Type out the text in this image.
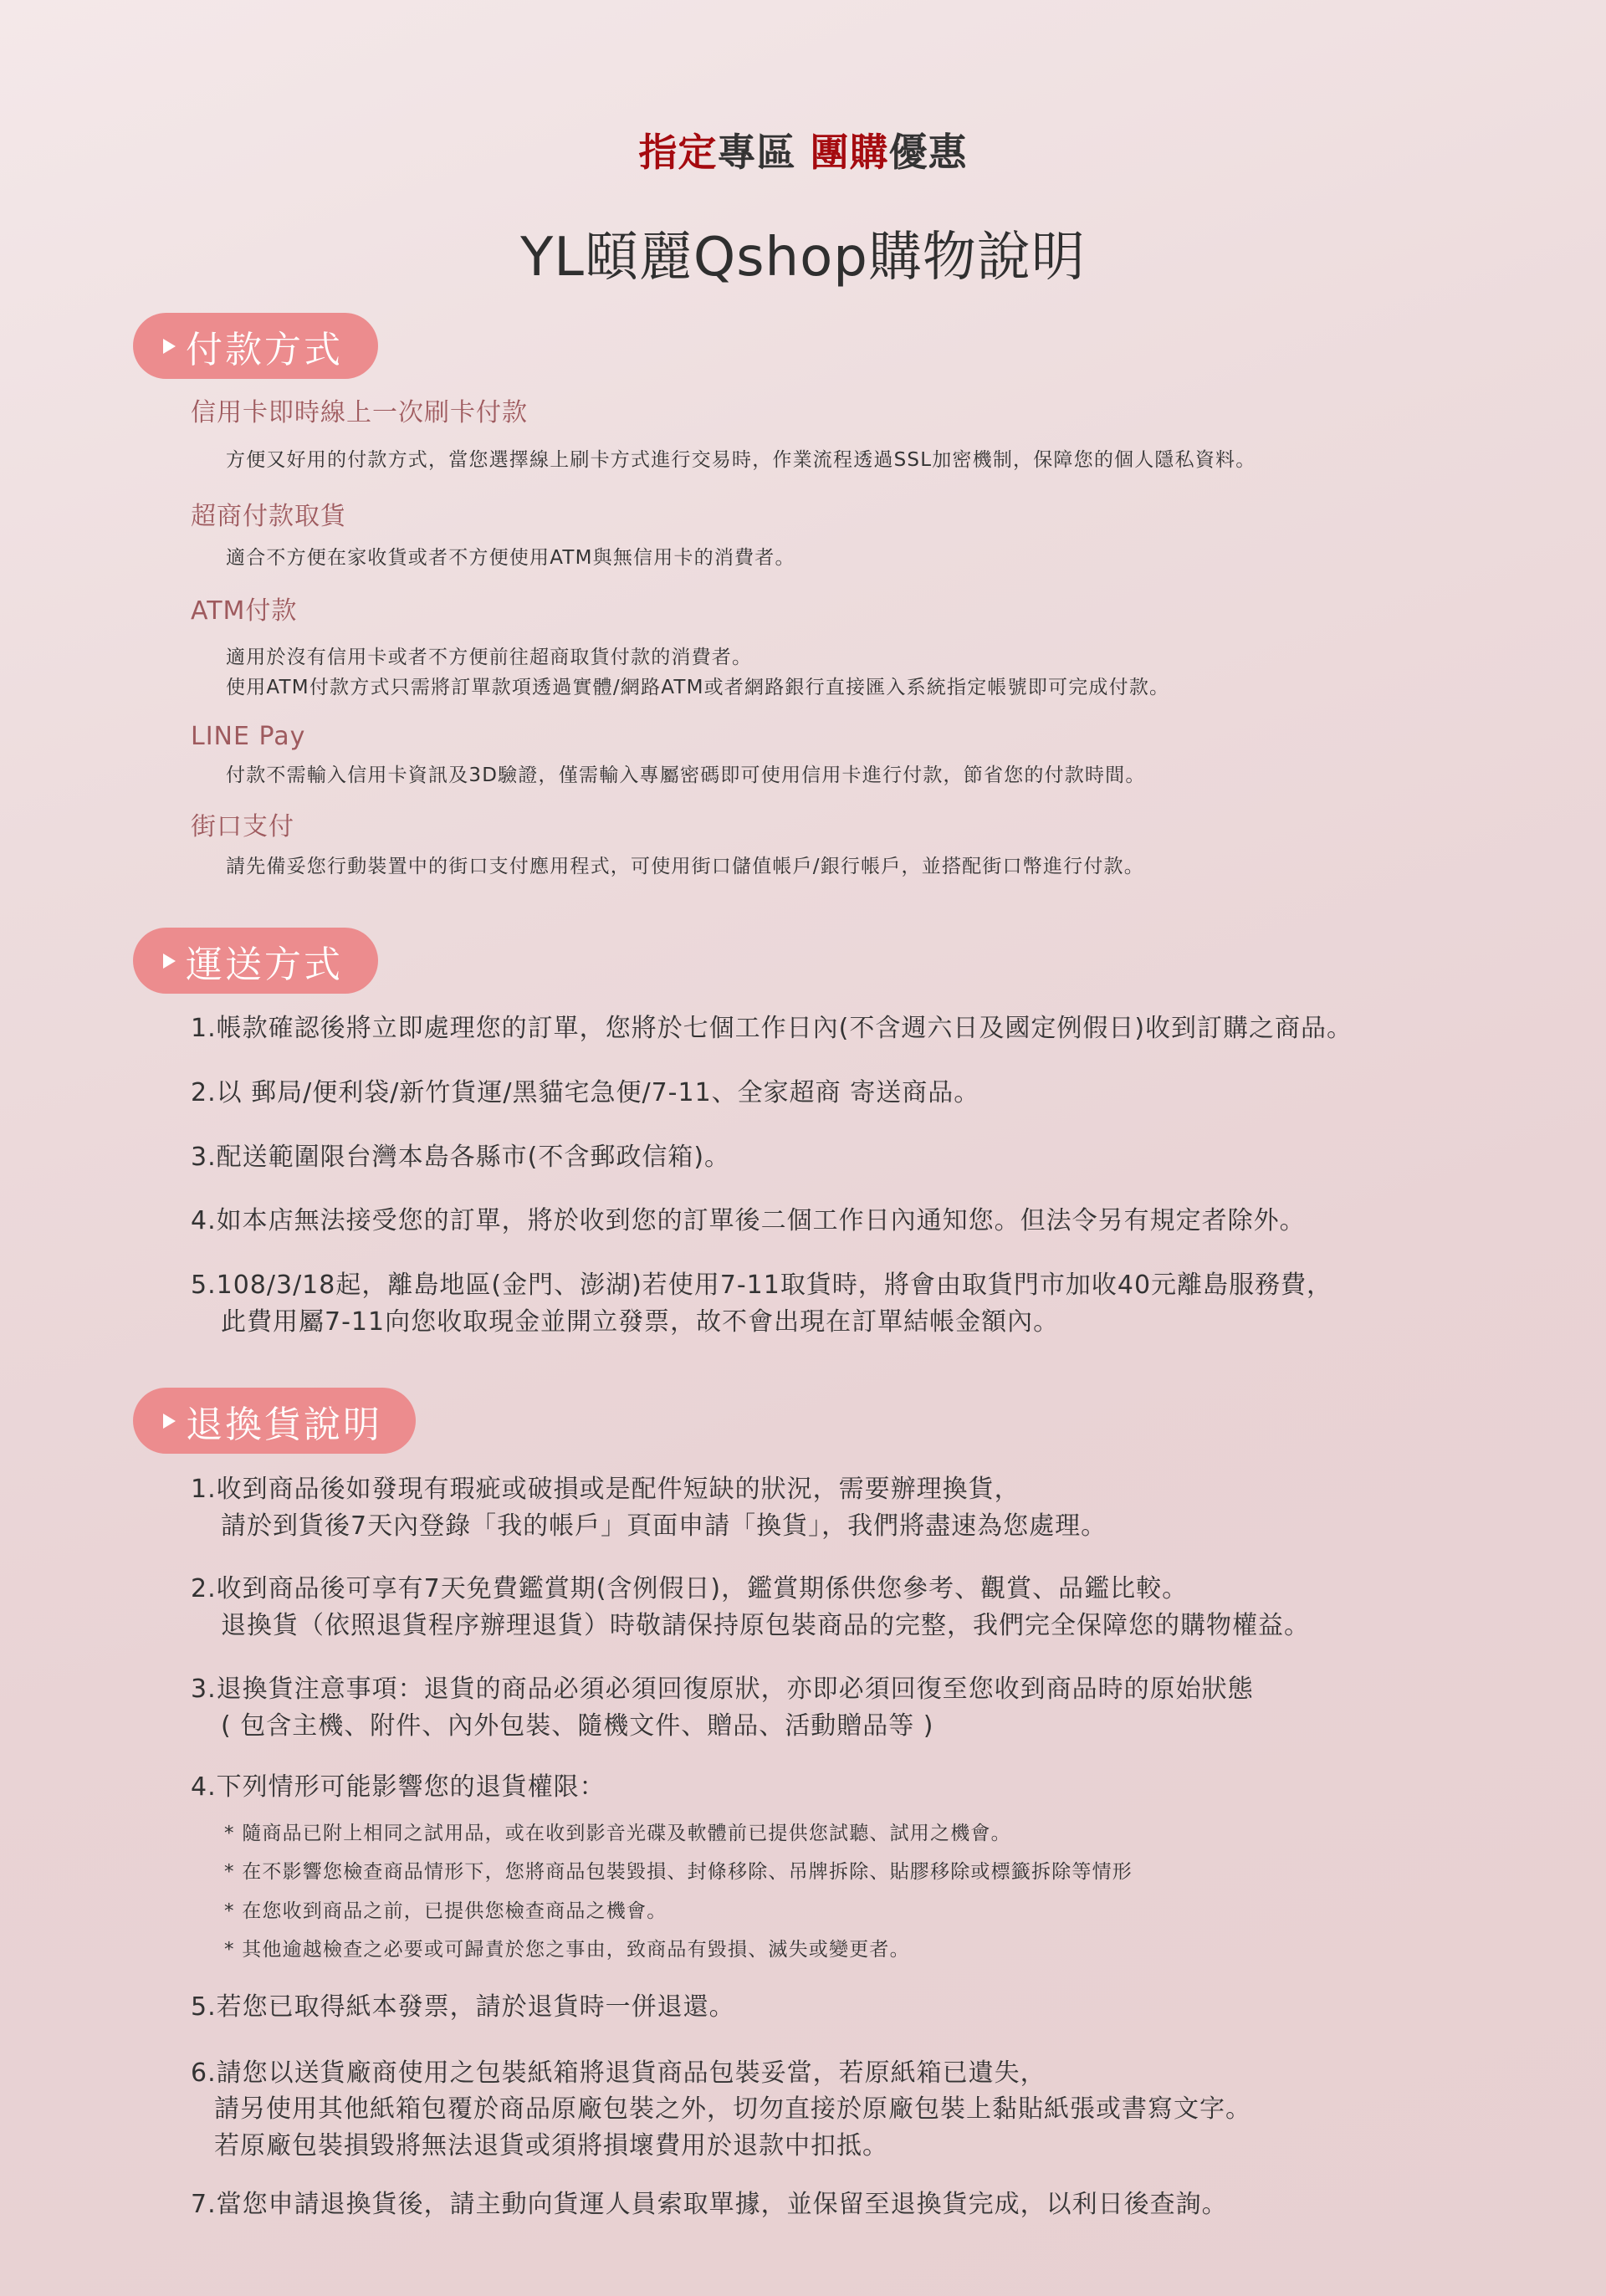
指定專區 團購優惠
YL頤麗Qshop購物說明
付款方式
信用卡即時線上一次刷卡付款
方便又好用的付款方式，當您選擇線上刷卡方式進行交易時，作業流程透過SSL加密機制，保障您的個人隱私資料。
超商付款取貨
適合不方便在家收貨或者不方便使用ATM與無信用卡的消費者。
ATM付款
適用於沒有信用卡或者不方便前往超商取貨付款的消費者。
使用ATM付款方式只需將訂單款項透過實體/網路ATM或者網路銀行直接匯入系統指定帳號即可完成付款。
LINE Pay
付款不需輸入信用卡資訊及3D驗證，僅需輸入專屬密碼即可使用信用卡進行付款，節省您的付款時間。
街口支付
請先備妥您行動裝置中的街口支付應用程式，可使用街口儲值帳戶/銀行帳戶，並搭配街口幣進行付款。
運送方式
1.帳款確認後將立即處理您的訂單，您將於七個工作日內(不含週六日及國定例假日)收到訂購之商品。
2.以 郵局/便利袋/新竹貨運/黑貓宅急便/7-11、全家超商 寄送商品。
3.配送範圍限台灣本島各縣市(不含郵政信箱)。
4.如本店無法接受您的訂單，將於收到您的訂單後二個工作日內通知您。但法令另有規定者除外。
5.108/3/18起，離島地區(金門、澎湖)若使用7-11取貨時，將會由取貨門市加收40元離島服務費，
此費用屬7-11向您收取現金並開立發票，故不會出現在訂單結帳金額內。
退換貨說明
1.收到商品後如發現有瑕疵或破損或是配件短缺的狀況，需要辦理換貨，
請於到貨後7天內登錄「我的帳戶」頁面申請「換貨」，我們將盡速為您處理。
2.收到商品後可享有7天免費鑑賞期(含例假日)，鑑賞期係供您參考、觀賞、品鑑比較。
退換貨（依照退貨程序辦理退貨）時敬請保持原包裝商品的完整，我們完全保障您的購物權益。
3.退換貨注意事項：退貨的商品必須必須回復原狀，亦即必須回復至您收到商品時的原始狀態
( 包含主機、附件、內外包裝、隨機文件、贈品、活動贈品等 )
4.下列情形可能影響您的退貨權限：
* 隨商品已附上相同之試用品，或在收到影音光碟及軟體前已提供您試聽、試用之機會。
* 在不影響您檢查商品情形下，您將商品包裝毀損、封條移除、吊牌拆除、貼膠移除或標籤拆除等情形
* 在您收到商品之前，已提供您檢查商品之機會。
* 其他逾越檢查之必要或可歸責於您之事由，致商品有毀損、滅失或變更者。
5.若您已取得紙本發票，請於退貨時一併退還。
6.請您以送貨廠商使用之包裝紙箱將退貨商品包裝妥當，若原紙箱已遺失，
請另使用其他紙箱包覆於商品原廠包裝之外，切勿直接於原廠包裝上黏貼紙張或書寫文字。
若原廠包裝損毀將無法退貨或須將損壞費用於退款中扣抵。
7.當您申請退換貨後，請主動向貨運人員索取單據，並保留至退換貨完成，以利日後查詢。
